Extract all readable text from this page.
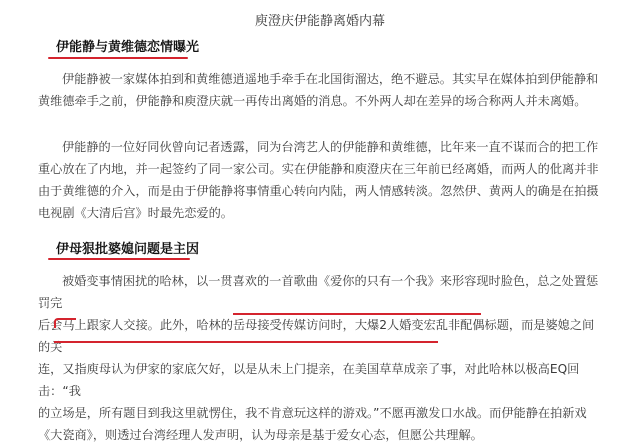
庾澄庆伊能静离婚内幕
伊能静与黄维德恋情曝光

伊能静被一家媒体拍到和黄维德逍遥地手牵手在北国街溜达，绝不避忌。其实早在媒体拍到伊能静和黄维德牵手之前，伊能静和庾澄庆就一再传出离婚的消息。不外两人却在差异的场合称两人并未离婚。

伊能静的一位好同伙曾向记者透露，同为台湾艺人的伊能静和黄维德，比年来一直不谋而合的把工作重心放在了内地，并一起签约了同一家公司。实在伊能静和庾澄庆在三年前已经离婚，而两人的仳离并非由于黄维德的介入，而是由于伊能静将事情重心转向内陆，两人情感转淡。忽然伊、黄两人的确是在拍摄电视剧《大清后宫》时最先恋爱的。

伊母狠批婆媳问题是主因

被婚变事情困扰的哈林，以一贯喜欢的一首歌曲《爱你的只有一个我》来形容现时脸色，总之处置惩罚完

后会马上跟家人交接。此外，哈林的岳母接受传媒访问时，大爆2人婚变宏乱非配偶标题，而是婆媳之间的关

连，又指庾母认为伊家的家底欠好，以是从未上门提亲，在美国草草成亲了事，对此哈林以极高EQ回击：“我

的立场是，所有题目到我这里就愣住，我不肯意玩这样的游戏。”不愿再激发口水战。而伊能静在拍新戏

《大瓷商》，则透过台湾经理人发声明，认为母亲是基于爱女心态，但愿公共理解。
